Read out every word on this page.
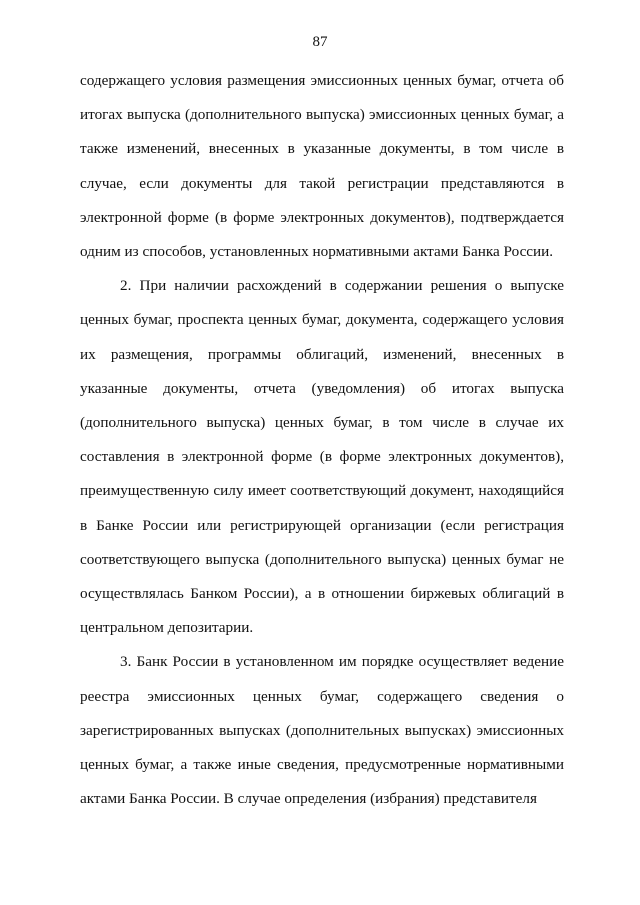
87

содержащего условия размещения эмиссионных ценных бумаг, отчета об итогах выпуска (дополнительного выпуска) эмиссионных ценных бумаг, а также изменений, внесенных в указанные документы, в том числе в случае, если документы для такой регистрации представляются в электронной форме (в форме электронных документов), подтверждается одним из способов, установленных нормативными актами Банка России.

2. При наличии расхождений в содержании решения о выпуске ценных бумаг, проспекта ценных бумаг, документа, содержащего условия их размещения, программы облигаций, изменений, внесенных в указанные документы, отчета (уведомления) об итогах выпуска (дополнительного выпуска) ценных бумаг, в том числе в случае их составления в электронной форме (в форме электронных документов), преимущественную силу имеет соответствующий документ, находящийся в Банке России или регистрирующей организации (если регистрация соответствующего выпуска (дополнительного выпуска) ценных бумаг не осуществлялась Банком России), а в отношении биржевых облигаций в центральном депозитарии.

3. Банк России в установленном им порядке осуществляет ведение реестра эмиссионных ценных бумаг, содержащего сведения о зарегистрированных выпусках (дополнительных выпусках) эмиссионных ценных бумаг, а также иные сведения, предусмотренные нормативными актами Банка России. В случае определения (избрания) представителя
